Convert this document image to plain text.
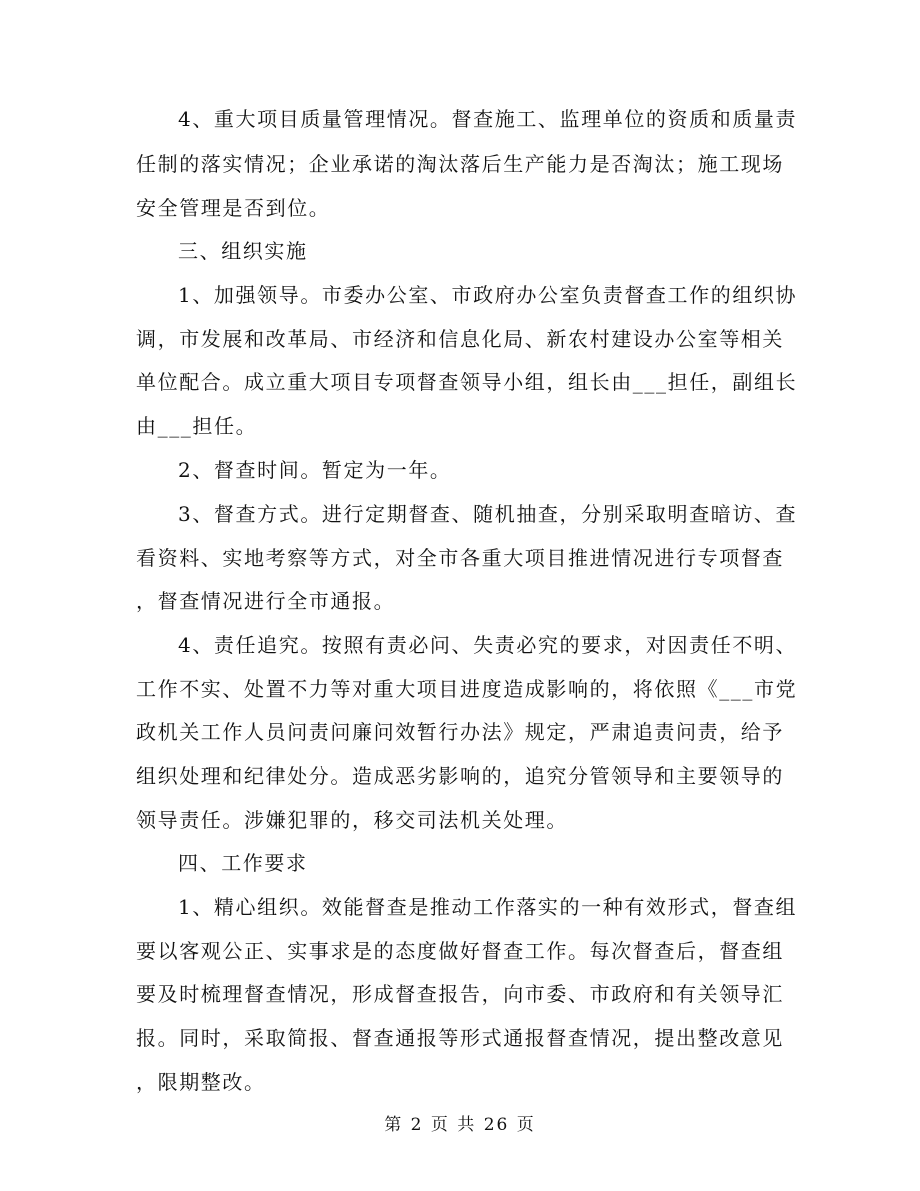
4、重大项目质量管理情况。督查施工、监理单位的资质和质量责
任制的落实情况；企业承诺的淘汰落后生产能力是否淘汰；施工现场
安全管理是否到位。
三、组织实施
1、加强领导。市委办公室、市政府办公室负责督查工作的组织协
调，市发展和改革局、市经济和信息化局、新农村建设办公室等相关
单位配合。成立重大项目专项督查领导小组，组长由___担任，副组长
由___担任。
2、督查时间。暂定为一年。
3、督查方式。进行定期督查、随机抽查，分别采取明查暗访、查
看资料、实地考察等方式，对全市各重大项目推进情况进行专项督查
，督查情况进行全市通报。
4、责任追究。按照有责必问、失责必究的要求，对因责任不明、
工作不实、处置不力等对重大项目进度造成影响的，将依照《___市党
政机关工作人员问责问廉问效暂行办法》规定，严肃追责问责，给予
组织处理和纪律处分。造成恶劣影响的，追究分管领导和主要领导的
领导责任。涉嫌犯罪的，移交司法机关处理。
四、工作要求
1、精心组织。效能督查是推动工作落实的一种有效形式，督查组
要以客观公正、实事求是的态度做好督查工作。每次督查后，督查组
要及时梳理督查情况，形成督查报告，向市委、市政府和有关领导汇
报。同时，采取简报、督查通报等形式通报督查情况，提出整改意见
，限期整改。
第 2 页 共 26 页
